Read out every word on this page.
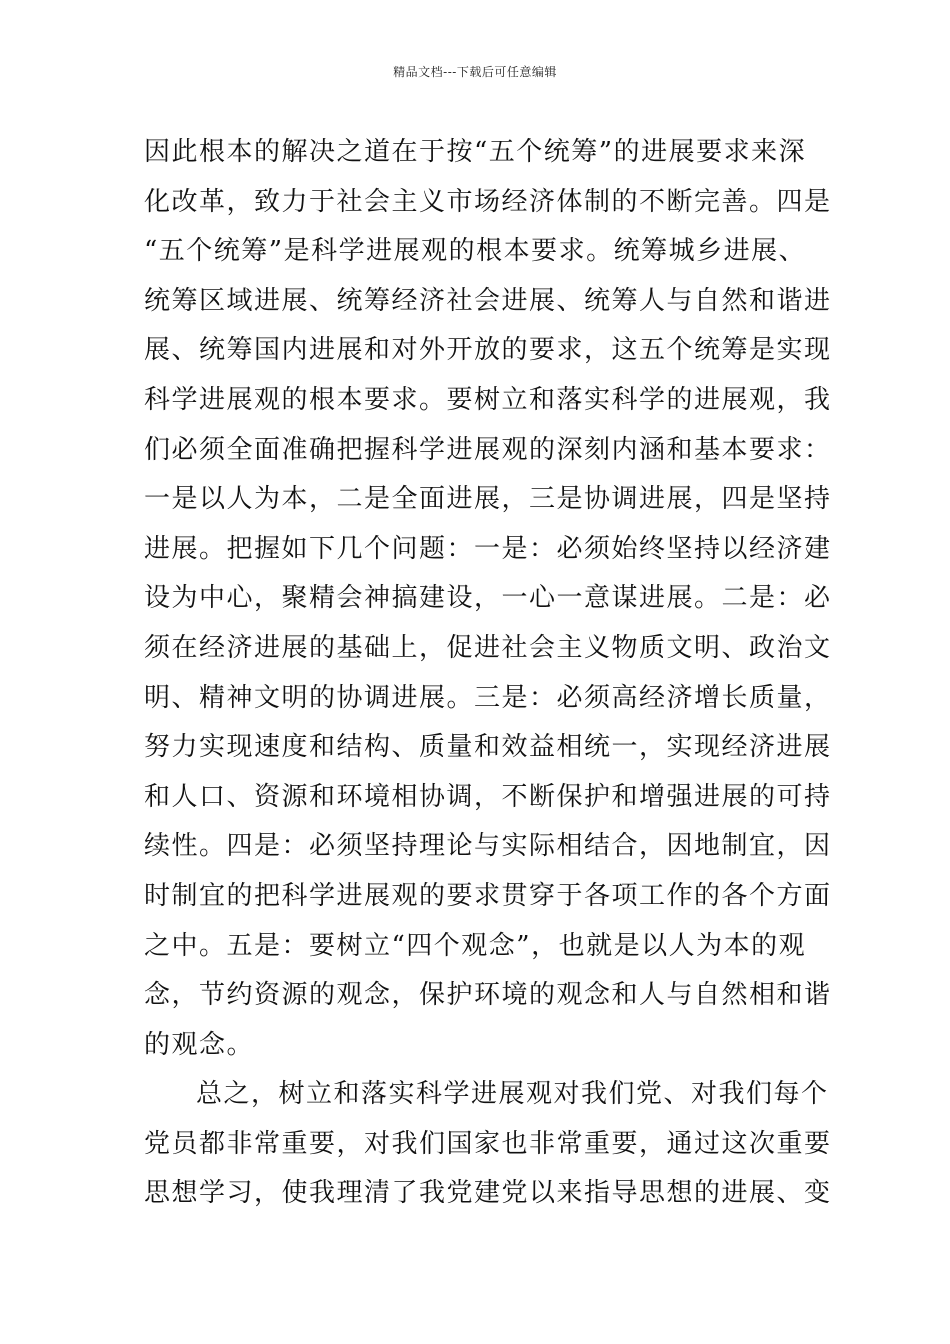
精品文档---下载后可任意编辑
因此根本的解决之道在于按“五个统筹”的进展要求来深
化改革，致力于社会主义市场经济体制的不断完善。四是
“五个统筹”是科学进展观的根本要求。统筹城乡进展、
统筹区域进展、统筹经济社会进展、统筹人与自然和谐进
展、统筹国内进展和对外开放的要求，这五个统筹是实现
科学进展观的根本要求。要树立和落实科学的进展观，我
们必须全面准确把握科学进展观的深刻内涵和基本要求：
一是以人为本，二是全面进展，三是协调进展，四是坚持
进展。把握如下几个问题：一是：必须始终坚持以经济建
设为中心，聚精会神搞建设，一心一意谋进展。二是：必
须在经济进展的基础上，促进社会主义物质文明、政治文
明、精神文明的协调进展。三是：必须高经济增长质量，
努力实现速度和结构、质量和效益相统一，实现经济进展
和人口、资源和环境相协调，不断保护和增强进展的可持
续性。四是：必须坚持理论与实际相结合，因地制宜，因
时制宜的把科学进展观的要求贯穿于各项工作的各个方面
之中。五是：要树立“四个观念”，也就是以人为本的观
念，节约资源的观念，保护环境的观念和人与自然相和谐
的观念。
总之，树立和落实科学进展观对我们党、对我们每个
党员都非常重要，对我们国家也非常重要，通过这次重要
思想学习，使我理清了我党建党以来指导思想的进展、变
